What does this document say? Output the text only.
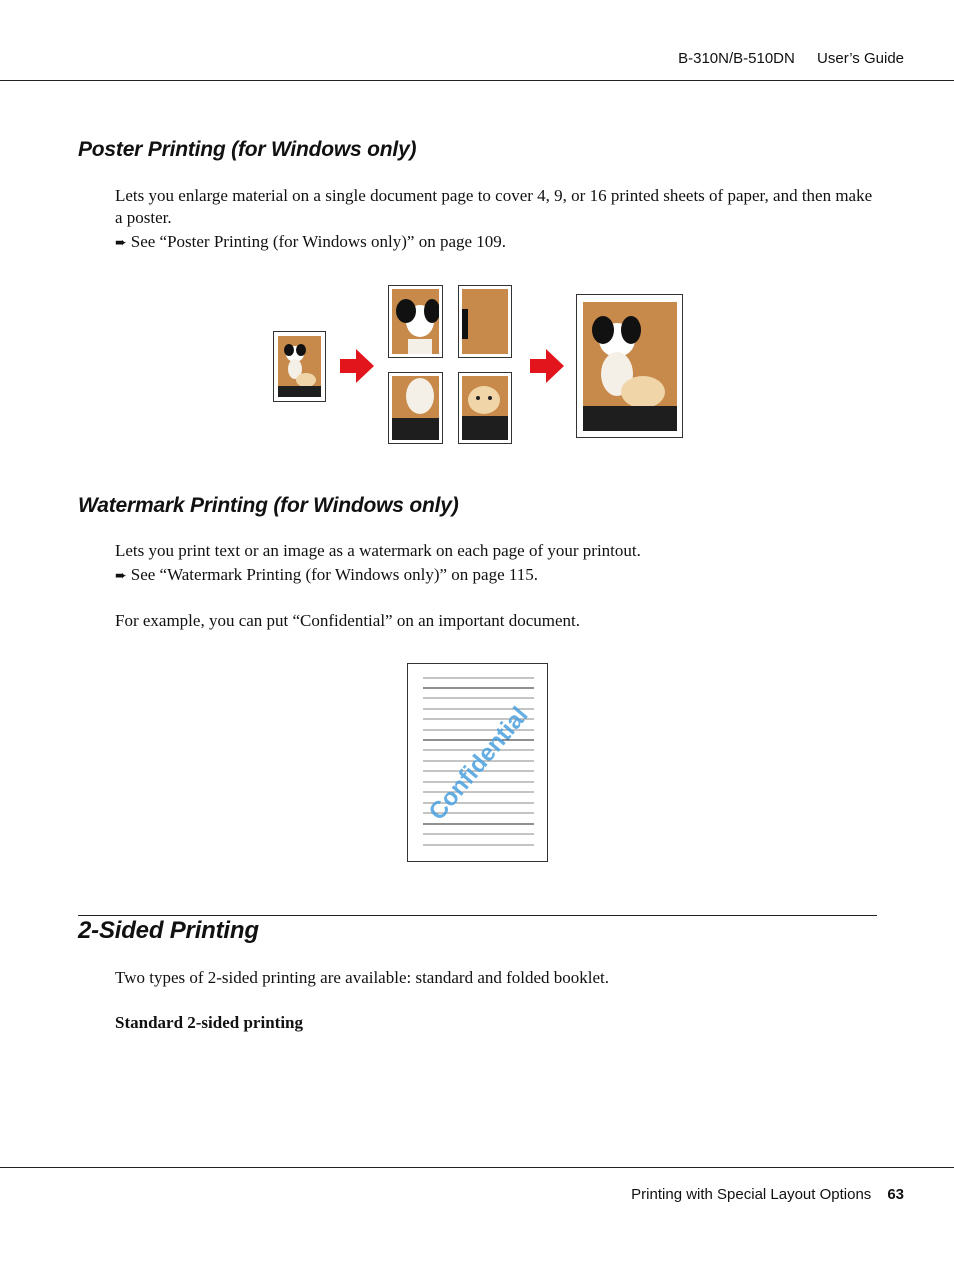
B-310N/B-510DN User’s Guide
Poster Printing (for Windows only)

Lets you enlarge material on a single document page to cover 4, 9, or 16 printed sheets of paper, and then make a poster.

➨ See “Poster Printing (for Windows only)” on page 109.
Watermark Printing (for Windows only)

Lets you print text or an image as a watermark on each page of your printout.

➨ See “Watermark Printing (for Windows only)” on page 115.

For example, you can put “Confidential” on an important document.

Confidential
2-Sided Printing

Two types of 2-sided printing are available: standard and folded booklet.

Standard 2-sided printing

Printing with Special Layout Options 63
